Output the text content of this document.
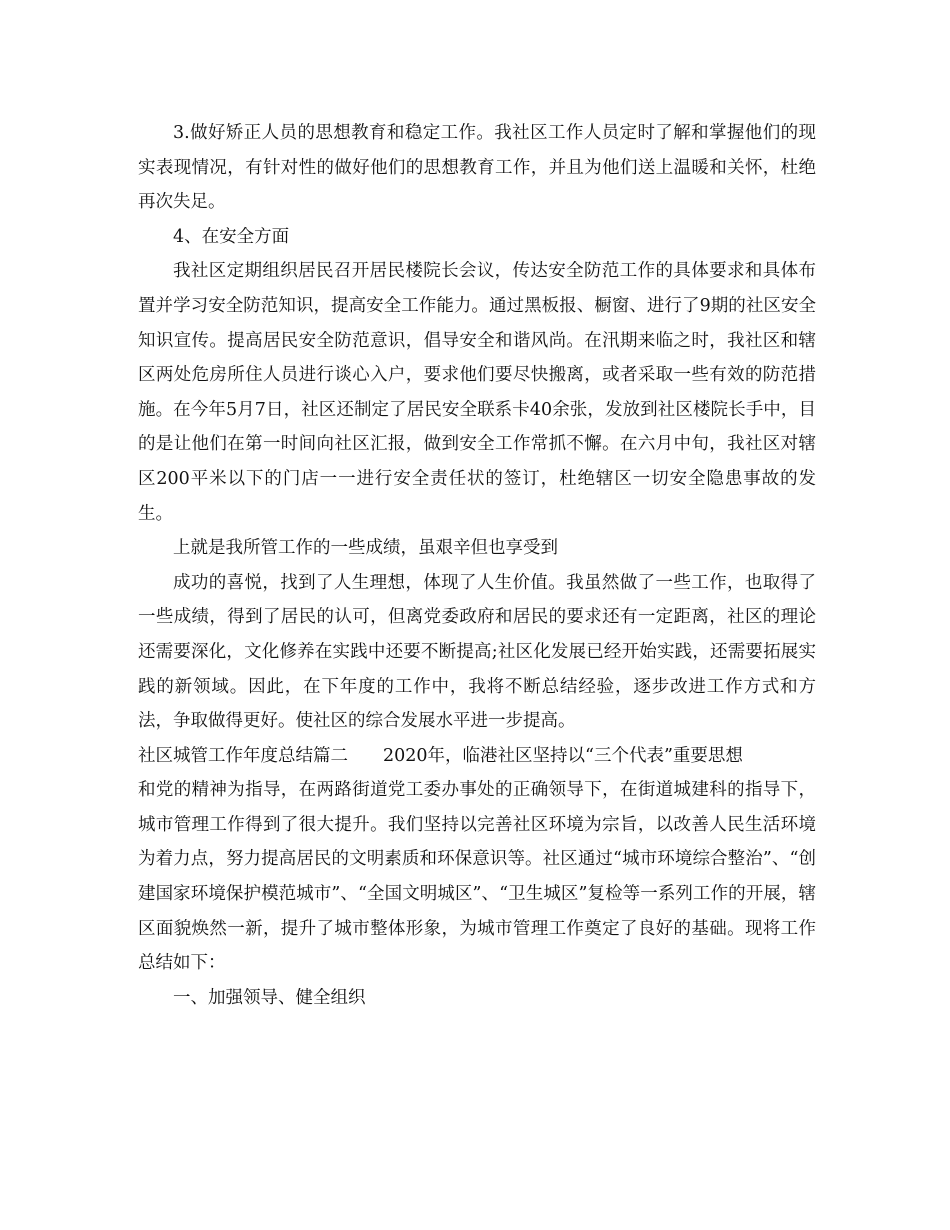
3.做好矫正人员的思想教育和稳定工作。我社区工作人员定时了解和掌握他们的现实表现情况，有针对性的做好他们的思想教育工作，并且为他们送上温暖和关怀，杜绝再次失足。

4、在安全方面

我社区定期组织居民召开居民楼院长会议，传达安全防范工作的具体要求和具体布置并学习安全防范知识，提高安全工作能力。通过黑板报、橱窗、进行了9期的社区安全知识宣传。提高居民安全防范意识，倡导安全和谐风尚。在汛期来临之时，我社区和辖区两处危房所住人员进行谈心入户，要求他们要尽快搬离，或者采取一些有效的防范措施。在今年5月7日，社区还制定了居民安全联系卡40余张，发放到社区楼院长手中，目的是让他们在第一时间向社区汇报，做到安全工作常抓不懈。在六月中旬，我社区对辖区200平米以下的门店一一进行安全责任状的签订，杜绝辖区一切安全隐患事故的发生。

上就是我所管工作的一些成绩，虽艰辛但也享受到

成功的喜悦，找到了人生理想，体现了人生价值。我虽然做了一些工作，也取得了一些成绩，得到了居民的认可，但离党委政府和居民的要求还有一定距离，社区的理论还需要深化，文化修养在实践中还要不断提高;社区化发展已经开始实践，还需要拓展实践的新领域。因此，在下年度的工作中，我将不断总结经验，逐步改进工作方式和方法，争取做得更好。使社区的综合发展水平进一步提高。

社区城管工作年度总结篇二　　2020年，临港社区坚持以“三个代表”重要思想

和党的精神为指导，在两路街道党工委办事处的正确领导下，在街道城建科的指导下，城市管理工作得到了很大提升。我们坚持以完善社区环境为宗旨，以改善人民生活环境为着力点，努力提高居民的文明素质和环保意识等。社区通过“城市环境综合整治”、“创建国家环境保护模范城市”、“全国文明城区”、“卫生城区”复检等一系列工作的开展，辖区面貌焕然一新，提升了城市整体形象，为城市管理工作奠定了良好的基础。现将工作总结如下：

一、加强领导、健全组织
